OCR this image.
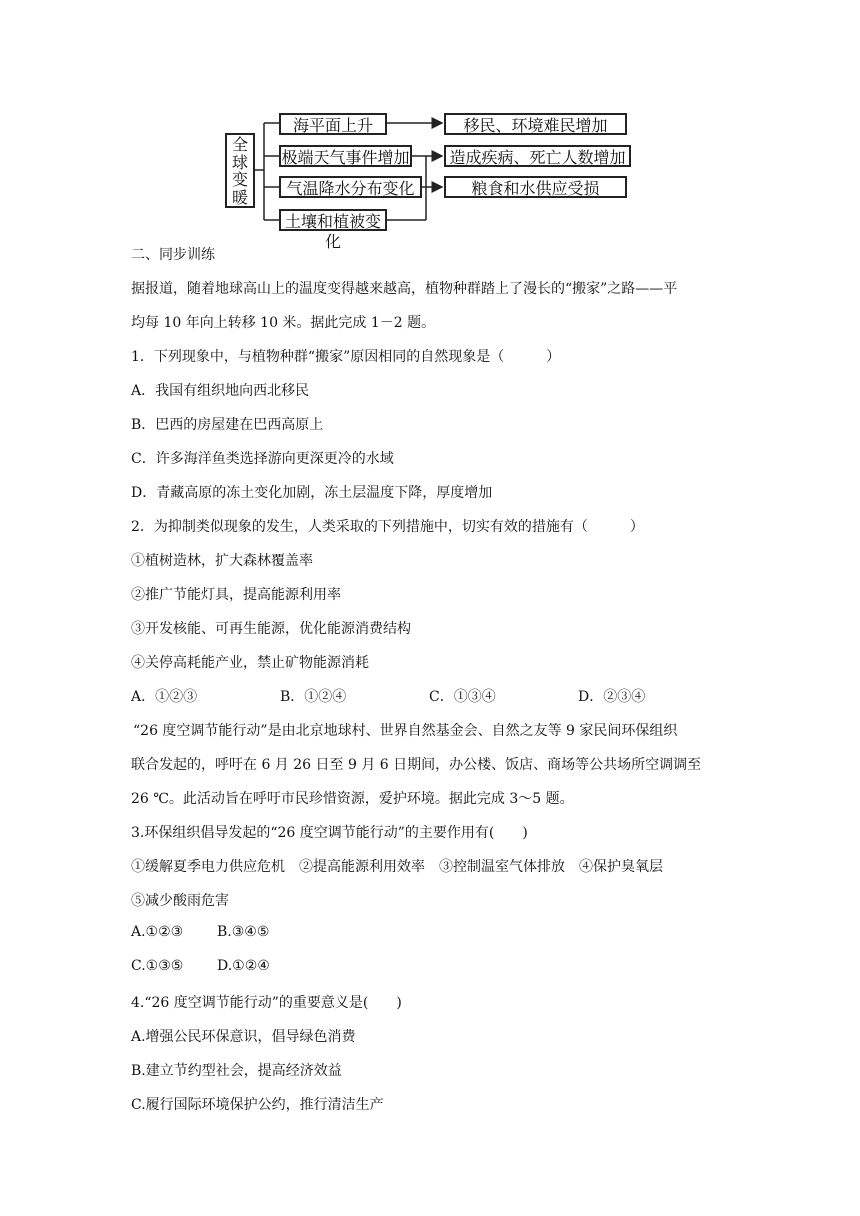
全
球
变
暖
海平面上升
极端天气事件增加
气温降水分布变化
土壤和植被变化
移民、环境难民增加
造成疾病、死亡人数增加
粮食和水供应受损
二、同步训练
据报道，随着地球高山上的温度变得越来越高，植物种群踏上了漫长的“搬家”之路——平
均每 10 年向上转移 10 米。据此完成 1－2 题。
1．下列现象中，与植物种群“搬家”原因相同的自然现象是（　　　）
A．我国有组织地向西北移民
B．巴西的房屋建在巴西高原上
C．许多海洋鱼类选择游向更深更冷的水域
D．青藏高原的冻土变化加剧，冻土层温度下降，厚度增加
2．为抑制类似现象的发生，人类采取的下列措施中，切实有效的措施有（　　　）
①植树造林，扩大森林覆盖率
②推广节能灯具，提高能源利用率
③开发核能、可再生能源，优化能源消费结构
④关停高耗能产业，禁止矿物能源消耗
A．①②③	B．①②④	C．①③④	D．②③④
“26 度空调节能行动”是由北京地球村、世界自然基金会、自然之友等 9 家民间环保组织
联合发起的，呼吁在 6 月 26 日至 9 月 6 日期间，办公楼、饭店、商场等公共场所空调调至
26 ℃。此活动旨在呼吁市民珍惜资源，爱护环境。据此完成 3～5 题。
3.环保组织倡导发起的“26 度空调节能行动”的主要作用有(　　)
①缓解夏季电力供应危机　②提高能源利用效率　③控制温室气体排放　④保护臭氧层
⑤减少酸雨危害
A.①②③	B.③④⑤
C.①③⑤	D.①②④
4.“26 度空调节能行动”的重要意义是(　　)
A.增强公民环保意识，倡导绿色消费
B.建立节约型社会，提高经济效益
C.履行国际环境保护公约，推行清洁生产
